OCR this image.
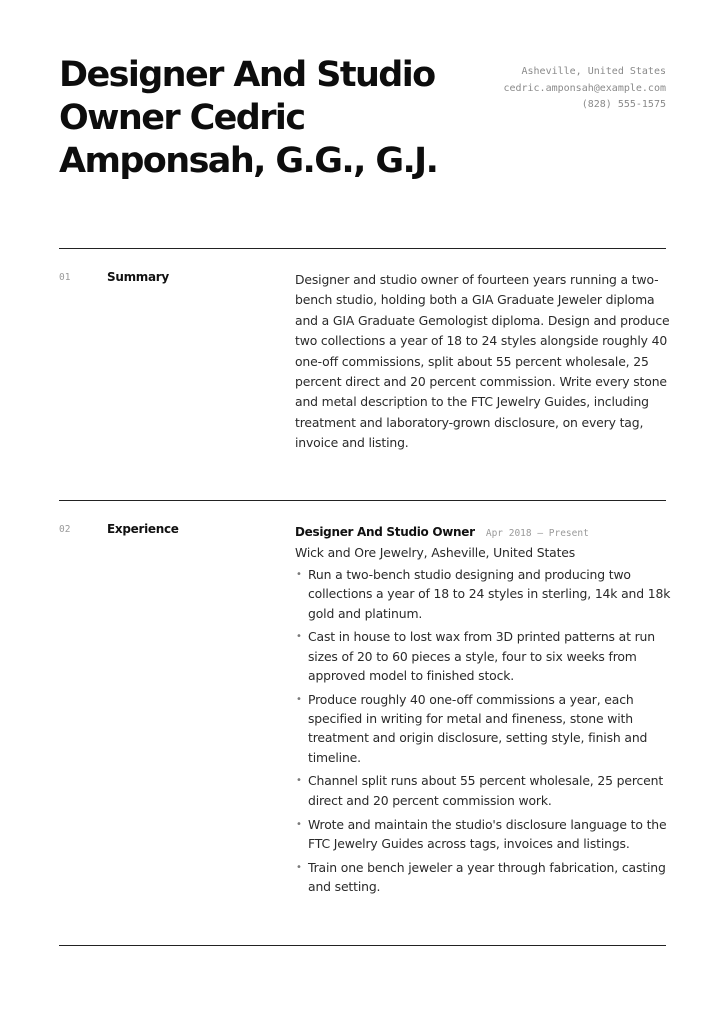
Designer And Studio Owner Cedric Amponsah, G.G., G.J.
Asheville, United States
cedric.amponsah@example.com
(828) 555-1575
01	Summary	Designer and studio owner of fourteen years running a two-bench studio, holding both a GIA Graduate Jeweler diploma and a GIA Graduate Gemologist diploma. Design and produce two collections a year of 18 to 24 styles alongside roughly 40 one-off commissions, split about 55 percent wholesale, 25 percent direct and 20 percent commission. Write every stone and metal description to the FTC Jewelry Guides, including treatment and laboratory-grown disclosure, on every tag, invoice and listing.

02	Experience	Designer And Studio Owner Apr 2018 — Present
Wick and Ore Jewelry, Asheville, United States
• Run a two-bench studio designing and producing two collections a year of 18 to 24 styles in sterling, 14k and 18k gold and platinum.
• Cast in house to lost wax from 3D printed patterns at run sizes of 20 to 60 pieces a style, four to six weeks from approved model to finished stock.
• Produce roughly 40 one-off commissions a year, each specified in writing for metal and fineness, stone with treatment and origin disclosure, setting style, finish and timeline.
• Channel split runs about 55 percent wholesale, 25 percent direct and 20 percent commission work.
• Wrote and maintain the studio's disclosure language to the FTC Jewelry Guides across tags, invoices and listings.
• Train one bench jeweler a year through fabrication, casting and setting.
